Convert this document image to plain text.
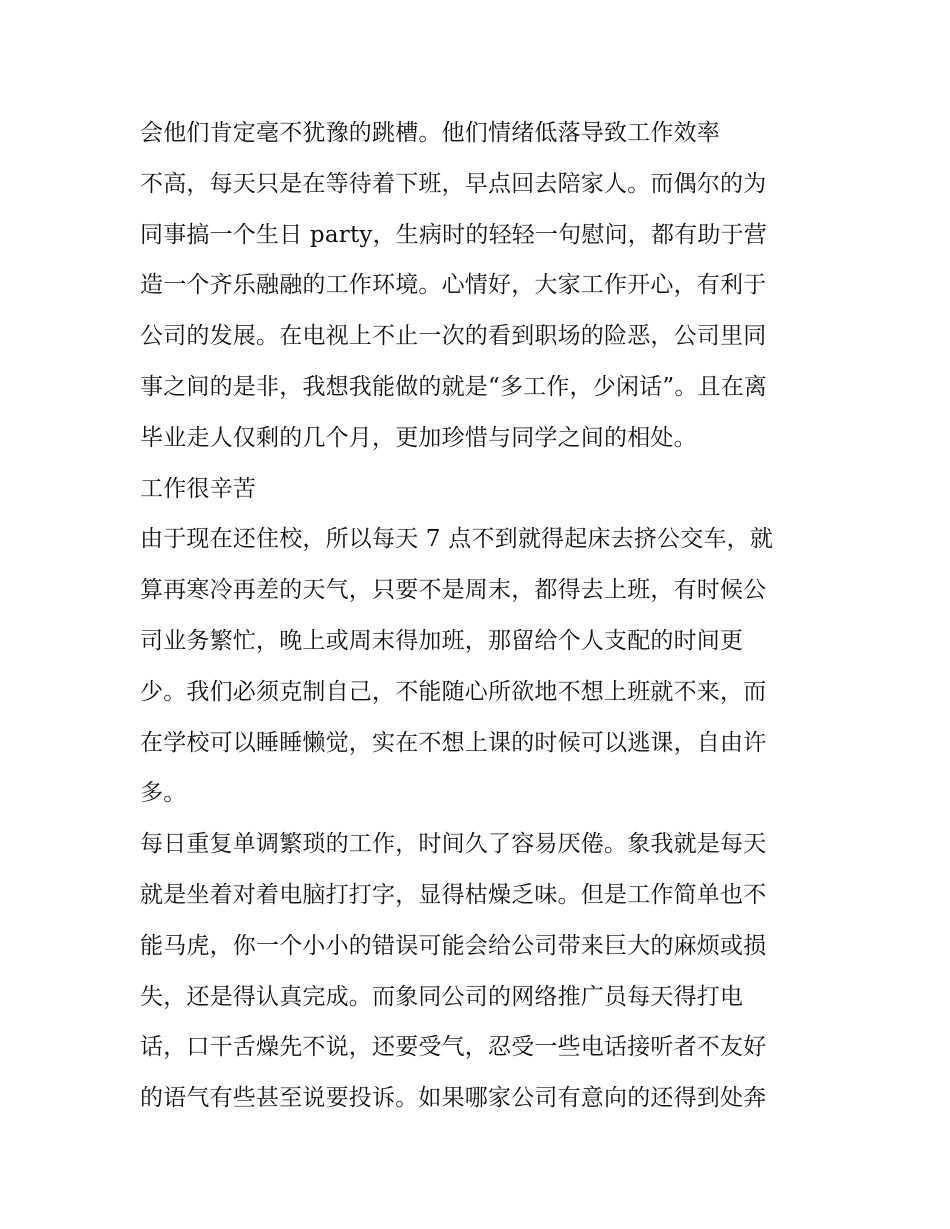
会他们肯定毫不犹豫的跳槽。他们情绪低落导致工作效率
不高，每天只是在等待着下班，早点回去陪家人。而偶尔的为
同事搞一个生日 party，生病时的轻轻一句慰问，都有助于营
造一个齐乐融融的工作环境。心情好，大家工作开心，有利于
公司的发展。在电视上不止一次的看到职场的险恶，公司里同
事之间的是非，我想我能做的就是“多工作，少闲话”。且在离
毕业走人仅剩的几个月，更加珍惜与同学之间的相处。
工作很辛苦
由于现在还住校，所以每天 7 点不到就得起床去挤公交车，就
算再寒冷再差的天气，只要不是周末，都得去上班，有时候公
司业务繁忙，晚上或周末得加班，那留给个人支配的时间更
少。我们必须克制自己，不能随心所欲地不想上班就不来，而
在学校可以睡睡懒觉，实在不想上课的时候可以逃课，自由许
多。
每日重复单调繁琐的工作，时间久了容易厌倦。象我就是每天
就是坐着对着电脑打打字，显得枯燥乏味。但是工作简单也不
能马虎，你一个小小的错误可能会给公司带来巨大的麻烦或损
失，还是得认真完成。而象同公司的网络推广员每天得打电
话，口干舌燥先不说，还要受气，忍受一些电话接听者不友好
的语气有些甚至说要投诉。如果哪家公司有意向的还得到处奔
